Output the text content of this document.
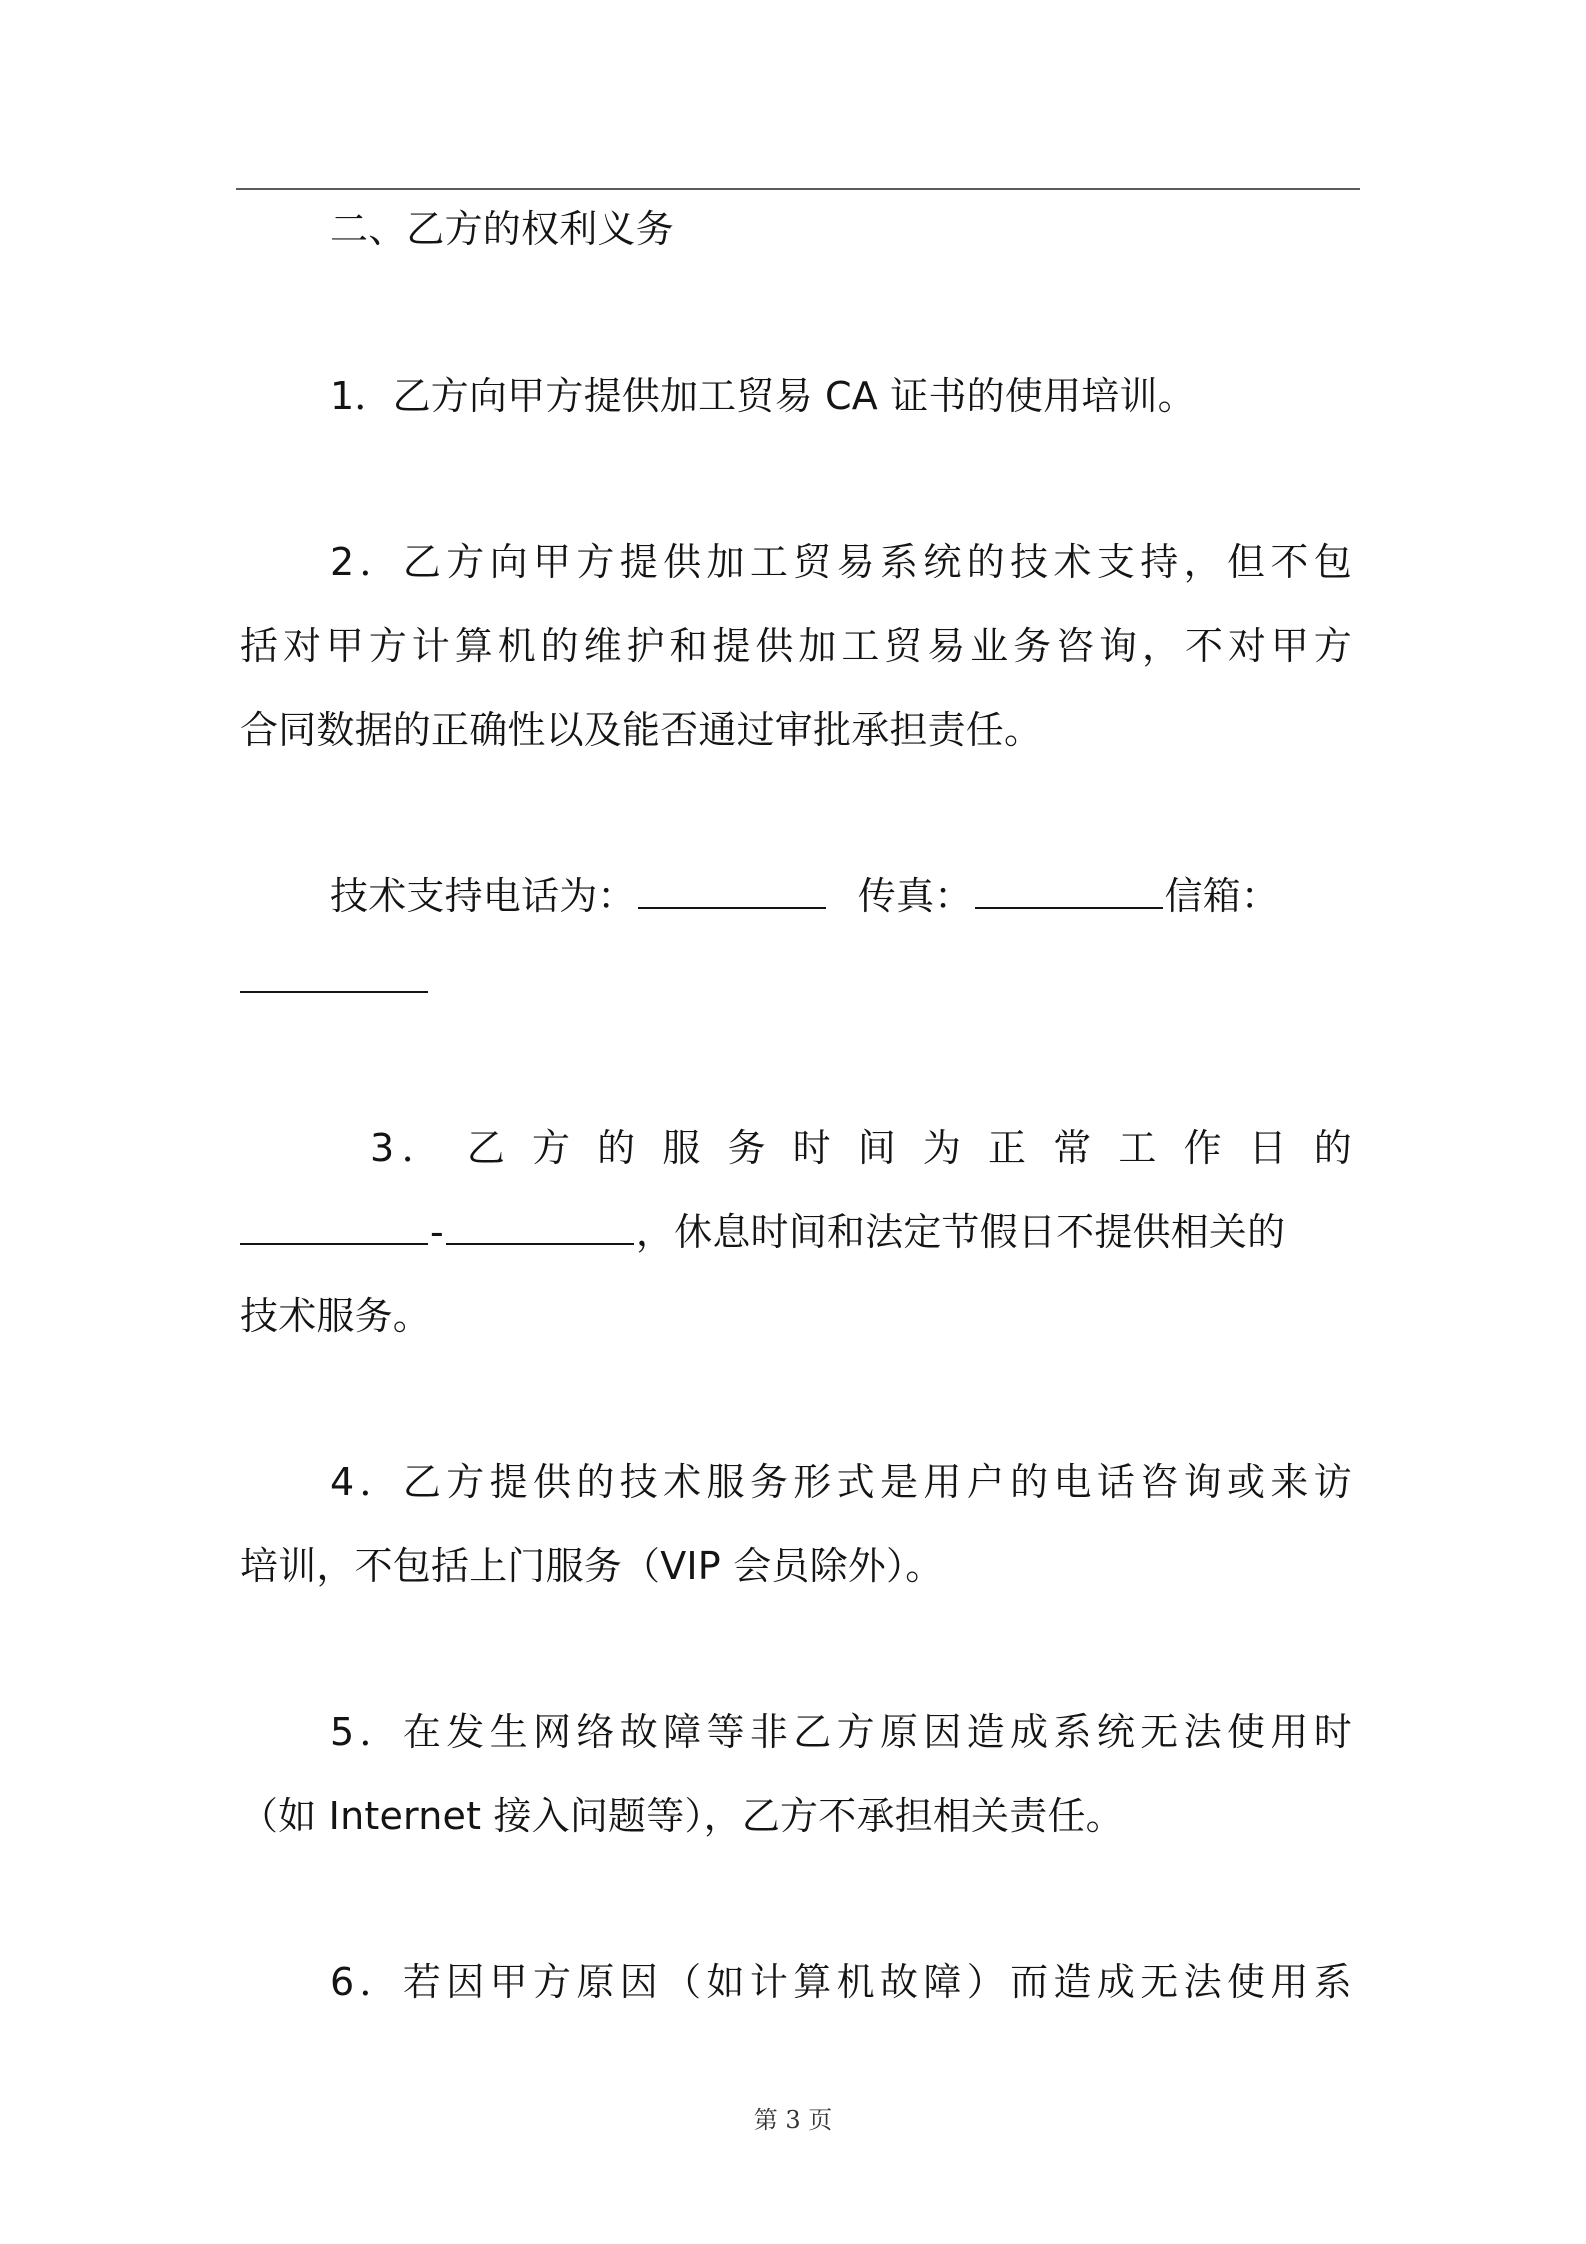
二、乙方的权利义务
1．乙方向甲方提供加工贸易 CA 证书的使用培训。
2．乙方向甲方提供加工贸易系统的技术支持，但不包
括对甲方计算机的维护和提供加工贸易业务咨询，不对甲方
合同数据的正确性以及能否通过审批承担责任。
技术支持电话为：	传真：	信箱：
3． 乙 方 的 服 务 时 间 为 正 常 工 作 日 的
-	，休息时间和法定节假日不提供相关的
技术服务。
4．乙方提供的技术服务形式是用户的电话咨询或来访
培训，不包括上门服务（VIP 会员除外）。
5．在发生网络故障等非乙方原因造成系统无法使用时
（如 Internet 接入问题等），乙方不承担相关责任。
6．若因甲方原因（如计算机故障）而造成无法使用系
第 3 页
